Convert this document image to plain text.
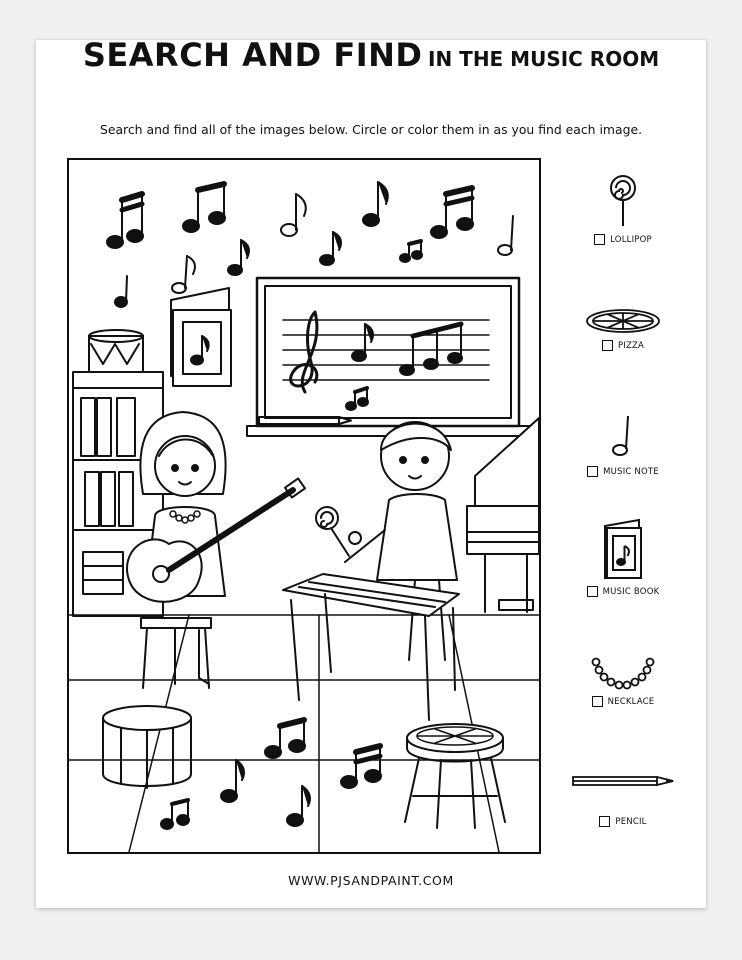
SEARCH AND FIND IN THE MUSIC ROOM
Search and find all of the images below. Circle or color them in as you find each image.
LOLLIPOP
PIZZA
MUSIC NOTE
MUSIC BOOK
NECKLACE
PENCIL
WWW.PJSANDPAINT.COM
